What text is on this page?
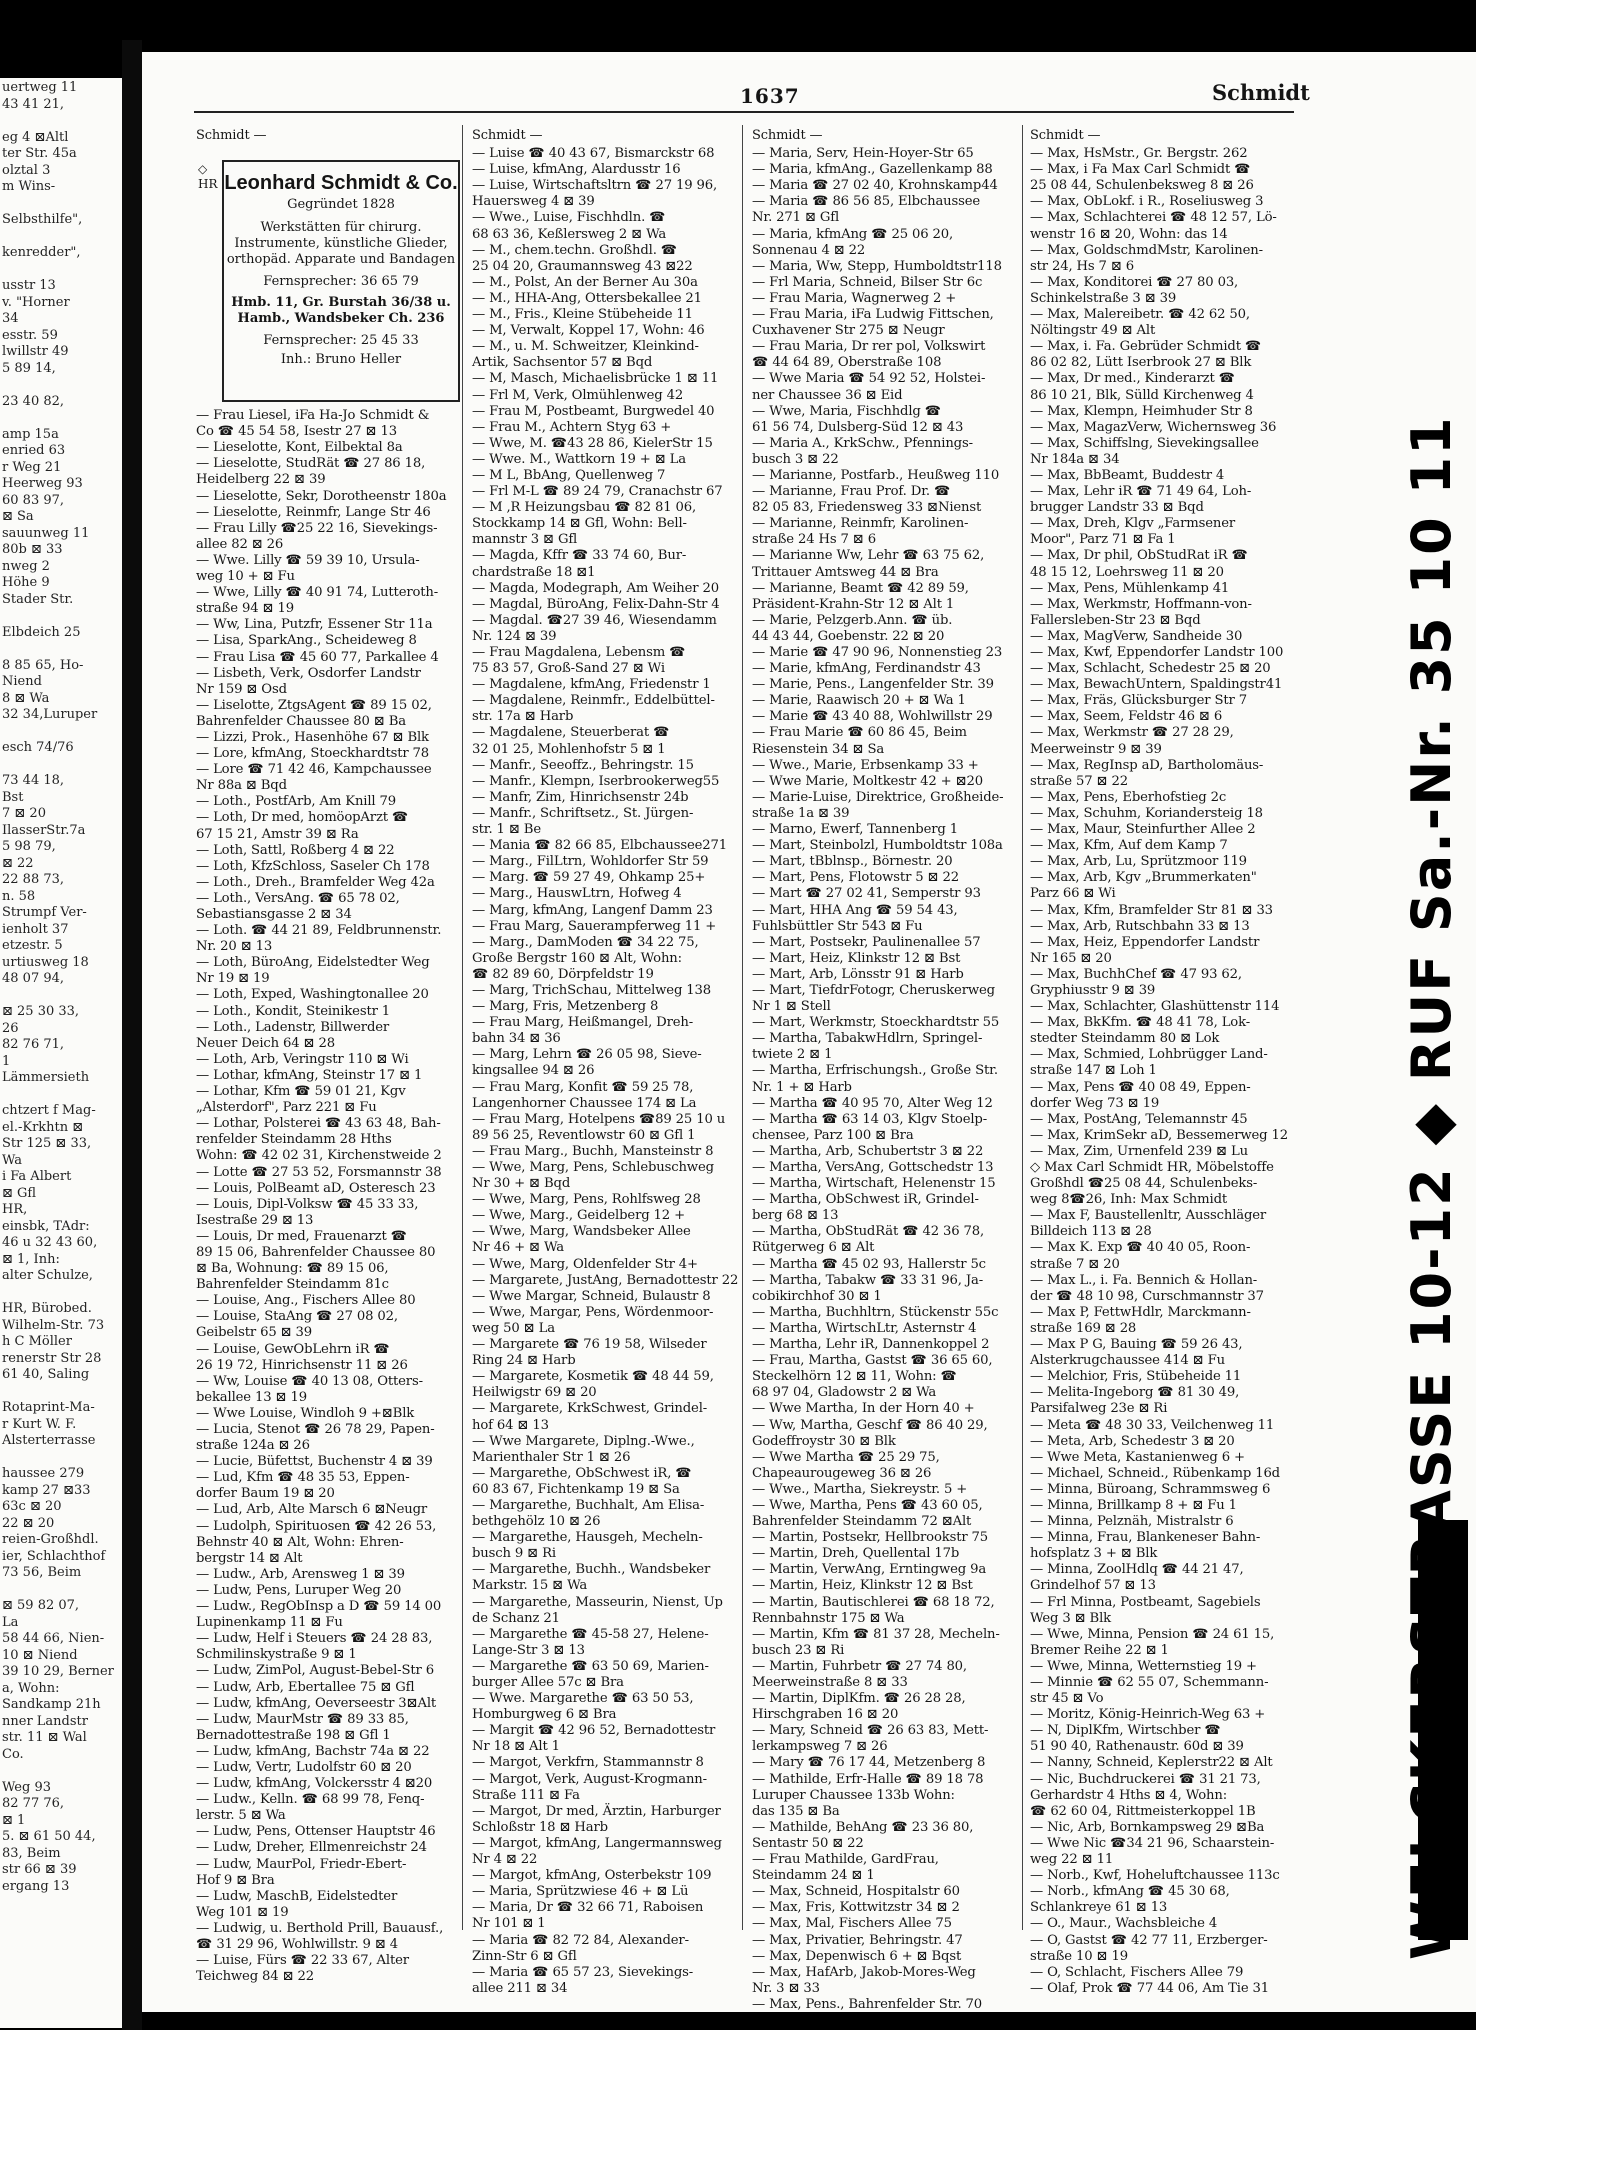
uertweg 11
43 41 21,
eg 4 ⊠Altl
ter Str. 45a
olztal 3
m Wins-
Selbsthilfe",
kenredder",
usstr 13
v. "Horner
34
esstr. 59
lwillstr 49
5 89 14,
23 40 82,
amp 15a
enried 63
r Weg 21
Heerweg 93
60 83 97,
⊠ Sa
sauunweg 11
80b ⊠ 33
nweg 2
Höhe 9
Stader Str.
Elbdeich 25
8 85 65, Ho-
Niend
8 ⊠ Wa
32 34,Luruper
esch 74/76
73 44 18,
Bst
7 ⊠ 20
IlasserStr.7a
5 98 79,
⊠ 22
22 88 73,
n. 58
Strumpf Ver-
ienholt 37
etzestr. 5
urtiusweg 18
48 07 94,
⊠ 25 30 33,
26
82 76 71,
1
Lämmersieth
chtzert f Mag-
el.-Krkhtn ⊠
Str 125 ⊠ 33,
Wa
i Fa Albert
⊠ Gfl
HR,
einsbk, TAdr:
46 u 32 43 60,
⊠ 1, Inh:
alter Schulze,
HR, Bürobed.
Wilhelm-Str. 73
h C Möller
renerstr Str 28
61 40, Saling
Rotaprint-Ma-
r Kurt W. F.
Alsterterrasse
haussee 279
kamp 27 ⊠33
63c ⊠ 20
22 ⊠ 20
reien-Großhdl.
ier, Schlachthof
73 56, Beim
⊠ 59 82 07,
La
58 44 66, Nien-
10 ⊠ Niend
39 10 29, Berner
a, Wohn:
Sandkamp 21h
nner Landstr
str. 11 ⊠ Wal
Co.
Weg 93
82 77 76,
⊠ 1
5. ⊠ 61 50 44,
83, Beim
str 66 ⊠ 39
ergang 13
1637	Schmidt
Schmidt —
— Frau Liesel, iFa Ha-Jo Schmidt &
Co ☎ 45 54 58, Isestr 27 ⊠ 13
— Lieselotte, Kont, Eilbektal 8a
— Lieselotte, StudRät ☎ 27 86 18,
Heidelberg 22 ⊠ 39
— Lieselotte, Sekr, Dorotheenstr 180a
— Lieselotte, Reinmfr, Lange Str 46
— Frau Lilly ☎25 22 16, Sievekings-
allee 82 ⊠ 26
— Wwe. Lilly ☎ 59 39 10, Ursula-
weg 10 + ⊠ Fu
— Wwe, Lilly ☎ 40 91 74, Lutteroth-
straße 94 ⊠ 19
— Ww, Lina, Putzfr, Essener Str 11a
— Lisa, SparkAng., Scheideweg 8
— Frau Lisa ☎ 45 60 77, Parkallee 4
— Lisbeth, Verk, Osdorfer Landstr
Nr 159 ⊠ Osd
— Liselotte, ZtgsAgent ☎ 89 15 02,
Bahrenfelder Chaussee 80 ⊠ Ba
— Lizzi, Prok., Hasenhöhe 67 ⊠ Blk
— Lore, kfmAng, Stoeckhardtstr 78
— Lore ☎ 71 42 46, Kampchaussee
Nr 88a ⊠ Bqd
— Loth., PostfArb, Am Knill 79
— Loth, Dr med, homöopArzt ☎
67 15 21, Amstr 39 ⊠ Ra
— Loth, Sattl, Roßberg 4 ⊠ 22
— Loth, KfzSchloss, Saseler Ch 178
— Loth., Dreh., Bramfelder Weg 42a
— Loth., VersAng. ☎ 65 78 02,
Sebastiansgasse 2 ⊠ 34
— Loth. ☎ 44 21 89, Feldbrunnenstr.
Nr. 20 ⊠ 13
— Loth, BüroAng, Eidelstedter Weg
Nr 19 ⊠ 19
— Loth, Exped, Washingtonallee 20
— Loth., Kondit, Steinikestr 1
— Loth., Ladenstr, Billwerder
Neuer Deich 64 ⊠ 28
— Loth, Arb, Veringstr 110 ⊠ Wi
— Lothar, kfmAng, Steinstr 17 ⊠ 1
— Lothar, Kfm ☎ 59 01 21, Kgv
„Alsterdorf", Parz 221 ⊠ Fu
— Lothar, Polsterei ☎ 43 63 48, Bah-
renfelder Steindamm 28 Hths
Wohn: ☎ 42 02 31, Kirchenstweide 2
— Lotte ☎ 27 53 52, Forsmannstr 38
— Louis, PolBeamt aD, Osteresch 23
— Louis, Dipl-Volksw ☎ 45 33 33,
Isestraße 29 ⊠ 13
— Louis, Dr med, Frauenarzt ☎
89 15 06, Bahrenfelder Chaussee 80
⊠ Ba, Wohnung: ☎ 89 15 06,
Bahrenfelder Steindamm 81c
— Louise, Ang., Fischers Allee 80
— Louise, StaAng ☎ 27 08 02,
Geibelstr 65 ⊠ 39
— Louise, GewObLehrn iR ☎
26 19 72, Hinrichsenstr 11 ⊠ 26
— Ww, Louise ☎ 40 13 08, Otters-
bekallee 13 ⊠ 19
— Wwe Louise, Windloh 9 +⊠Blk
— Lucia, Stenot ☎ 26 78 29, Papen-
straße 124a ⊠ 26
— Lucie, Büfettst, Buchenstr 4 ⊠ 39
— Lud, Kfm ☎ 48 35 53, Eppen-
dorfer Baum 19 ⊠ 20
— Lud, Arb, Alte Marsch 6 ⊠Neugr
— Ludolph, Spirituosen ☎ 42 26 53,
Behnstr 40 ⊠ Alt, Wohn: Ehren-
bergstr 14 ⊠ Alt
— Ludw., Arb, Arensweg 1 ⊠ 39
— Ludw, Pens, Luruper Weg 20
— Ludw., RegObInsp a D ☎ 59 14 00
Lupinenkamp 11 ⊠ Fu
— Ludw, Helf i Steuers ☎ 24 28 83,
Schmilinskystraße 9 ⊠ 1
— Ludw, ZimPol, August-Bebel-Str 6
— Ludw, Arb, Ebertallee 75 ⊠ Gfl
— Ludw, kfmAng, Oeverseestr 3⊠Alt
— Ludw, MaurMstr ☎ 89 33 85,
Bernadottestraße 198 ⊠ Gfl 1
— Ludw, kfmAng, Bachstr 74a ⊠ 22
— Ludw, Vertr, Ludolfstr 60 ⊠ 20
— Ludw, kfmAng, Volckersstr 4 ⊠20
— Ludw., Kelln. ☎ 68 99 78, Fenq-
lerstr. 5 ⊠ Wa
— Ludw, Pens, Ottenser Hauptstr 46
— Ludw, Dreher, Ellmenreichstr 24
— Ludw, MaurPol, Friedr-Ebert-
Hof 9 ⊠ Bra
— Ludw, MaschB, Eidelstedter
Weg 101 ⊠ 19
— Ludwig, u. Berthold Prill, Bauausf.,
☎ 31 29 96, Wohlwillstr. 9 ⊠ 4
— Luise, Fürs ☎ 22 33 67, Alter
Teichweg 84 ⊠ 22
◇
HR Leonhard Schmidt & Co.
Gegründet 1828
Werkstätten für chirurg. Instrumente, künstliche Glieder, orthopäd. Apparate und Bandagen
Fernsprecher: 36 65 79
Hmb. 11, Gr. Burstah 36/38 u. Hamb., Wandsbeker Ch. 236
Fernsprecher: 25 45 33
Inh.: Bruno Heller
Schmidt —
— Luise ☎ 40 43 67, Bismarckstr 68
— Luise, kfmAng, Alardusstr 16
— Luise, Wirtschaftsltrn ☎ 27 19 96,
Hauersweg 4 ⊠ 39
— Wwe., Luise, Fischhdln. ☎
68 63 36, Keßlersweg 2 ⊠ Wa
— M., chem.techn. Großhdl. ☎
25 04 20, Graumannsweg 43 ⊠22
— M., Polst, An der Berner Au 30a
— M., HHA-Ang, Ottersbekallee 21
— M., Fris., Kleine Stübeheide 11
— M, Verwalt, Koppel 17, Wohn: 46
— M., u. M. Schweitzer, Kleinkind-
Artik, Sachsentor 57 ⊠ Bqd
— M, Masch, Michaelisbrücke 1 ⊠ 11
— Frl M, Verk, Olmühlenweg 42
— Frau M, Postbeamt, Burgwedel 40
— Frau M., Achtern Styg 63 +
— Wwe, M. ☎43 28 86, KielerStr 15
— Wwe. M., Wattkorn 19 + ⊠ La
— M L, BbAng, Quellenweg 7
— Frl M-L ☎ 89 24 79, Cranachstr 67
— M ,R Heizungsbau ☎ 82 81 06,
Stockkamp 14 ⊠ Gfl, Wohn: Bell-
mannstr 3 ⊠ Gfl
— Magda, Kffr ☎ 33 74 60, Bur-
chardstraße 18 ⊠1
— Magda, Modegraph, Am Weiher 20
— Magdal, BüroAng, Felix-Dahn-Str 4
— Magdal. ☎27 39 46, Wiesendamm
Nr. 124 ⊠ 39
— Frau Magdalena, Lebensm ☎
75 83 57, Groß-Sand 27 ⊠ Wi
— Magdalene, kfmAng, Friedenstr 1
— Magdalene, Reinmfr., Eddelbüttel-
str. 17a ⊠ Harb
— Magdalene, Steuerberat ☎
32 01 25, Mohlenhofstr 5 ⊠ 1
— Manfr., Seeoffz., Behringstr. 15
— Manfr., Klempn, Iserbrookerweg55
— Manfr, Zim, Hinrichsenstr 24b
— Manfr., Schriftsetz., St. Jürgen-
str. 1 ⊠ Be
— Mania ☎ 82 66 85, Elbchaussee271
— Marg., FilLtrn, Wohldorfer Str 59
— Marg. ☎ 59 27 49, Ohkamp 25+
— Marg., HauswLtrn, Hofweg 4
— Marg, kfmAng, Langenf Damm 23
— Frau Marg, Sauerampferweg 11 +
— Marg., DamModen ☎ 34 22 75,
Große Bergstr 160 ⊠ Alt, Wohn:
☎ 82 89 60, Dörpfeldstr 19
— Marg, TrichSchau, Mittelweg 138
— Marg, Fris, Metzenberg 8
— Frau Marg, Heißmangel, Dreh-
bahn 34 ⊠ 36
— Marg, Lehrn ☎ 26 05 98, Sieve-
kingsallee 94 ⊠ 26
— Frau Marg, Konfit ☎ 59 25 78,
Langenhorner Chaussee 174 ⊠ La
— Frau Marg, Hotelpens ☎89 25 10 u
89 56 25, Reventlowstr 60 ⊠ Gfl 1
— Frau Marg., Buchh, Mansteinstr 8
— Wwe, Marg, Pens, Schlebuschweg
Nr 30 + ⊠ Bqd
— Wwe, Marg, Pens, Rohlfsweg 28
— Wwe, Marg., Geidelberg 12 +
— Wwe, Marg, Wandsbeker Allee
Nr 46 + ⊠ Wa
— Wwe, Marg, Oldenfelder Str 4+
— Margarete, JustAng, Bernadottestr 22
— Wwe Margar, Schneid, Bulaustr 8
— Wwe, Margar, Pens, Wördenmoor-
weg 50 ⊠ La
— Margarete ☎ 76 19 58, Wilseder
Ring 24 ⊠ Harb
— Margarete, Kosmetik ☎ 48 44 59,
Heilwigstr 69 ⊠ 20
— Margarete, KrkSchwest, Grindel-
hof 64 ⊠ 13
— Wwe Margarete, Diplng.-Wwe.,
Marienthaler Str 1 ⊠ 26
— Margarethe, ObSchwest iR, ☎
60 83 67, Fichtenkamp 19 ⊠ Sa
— Margarethe, Buchhalt, Am Elisa-
bethgehölz 10 ⊠ 26
— Margarethe, Hausgeh, Mecheln-
busch 9 ⊠ Ri
— Margarethe, Buchh., Wandsbeker
Markstr. 15 ⊠ Wa
— Margarethe, Masseurin, Nienst, Up
de Schanz 21
— Margarethe ☎ 45-58 27, Helene-
Lange-Str 3 ⊠ 13
— Margarethe ☎ 63 50 69, Marien-
burger Allee 57c ⊠ Bra
— Wwe. Margarethe ☎ 63 50 53,
Homburgweg 6 ⊠ Bra
— Margit ☎ 42 96 52, Bernadottestr
Nr 18 ⊠ Alt 1
— Margot, Verkfrn, Stammannstr 8
— Margot, Verk, August-Krogmann-
Straße 111 ⊠ Fa
— Margot, Dr med, Ärztin, Harburger
Schloßstr 18 ⊠ Harb
— Margot, kfmAng, Langermannsweg
Nr 4 ⊠ 22
— Margot, kfmAng, Osterbekstr 109
— Maria, Sprützwiese 46 + ⊠ Lü
— Maria, Dr ☎ 32 66 71, Raboisen
Nr 101 ⊠ 1
— Maria ☎ 82 72 84, Alexander-
Zinn-Str 6 ⊠ Gfl
— Maria ☎ 65 57 23, Sievekings-
allee 211 ⊠ 34
Schmidt —
— Maria, Serv, Hein-Hoyer-Str 65
— Maria, kfmAng., Gazellenkamp 88
— Maria ☎ 27 02 40, Krohnskamp44
— Maria ☎ 86 56 85, Elbchaussee
Nr. 271 ⊠ Gfl
— Maria, kfmAng ☎ 25 06 20,
Sonnenau 4 ⊠ 22
— Maria, Ww, Stepp, Humboldtstr118
— Frl Maria, Schneid, Bilser Str 6c
— Frau Maria, Wagnerweg 2 +
— Frau Maria, iFa Ludwig Fittschen,
Cuxhavener Str 275 ⊠ Neugr
— Frau Maria, Dr rer pol, Volkswirt
☎ 44 64 89, Oberstraße 108
— Wwe Maria ☎ 54 92 52, Holstei-
ner Chaussee 36 ⊠ Eid
— Wwe, Maria, Fischhdlg ☎
61 56 74, Dulsberg-Süd 12 ⊠ 43
— Maria A., KrkSchw., Pfennings-
busch 3 ⊠ 22
— Marianne, Postfarb., Heußweg 110
— Marianne, Frau Prof. Dr. ☎
82 05 83, Friedensweg 33 ⊠Nienst
— Marianne, Reinmfr, Karolinen-
straße 24 Hs 7 ⊠ 6
— Marianne Ww, Lehr ☎ 63 75 62,
Trittauer Amtsweg 44 ⊠ Bra
— Marianne, Beamt ☎ 42 89 59,
Präsident-Krahn-Str 12 ⊠ Alt 1
— Marie, Pelzgerb.Ann. ☎ üb.
44 43 44, Goebenstr. 22 ⊠ 20
— Marie ☎ 47 90 96, Nonnenstieg 23
— Marie, kfmAng, Ferdinandstr 43
— Marie, Pens., Langenfelder Str. 39
— Marie, Raawisch 20 + ⊠ Wa 1
— Marie ☎ 43 40 88, Wohlwillstr 29
— Frau Marie ☎ 60 86 45, Beim
Riesenstein 34 ⊠ Sa
— Wwe., Marie, Erbsenkamp 33 +
— Wwe Marie, Moltkestr 42 + ⊠20
— Marie-Luise, Direktrice, Großheide-
straße 1a ⊠ 39
— Marno, Ewerf, Tannenberg 1
— Mart, Steinbolzl, Humboldtstr 108a
— Mart, tBblnsp., Börnestr. 20
— Mart, Pens, Flotowstr 5 ⊠ 22
— Mart ☎ 27 02 41, Semperstr 93
— Mart, HHA Ang ☎ 59 54 43,
Fuhlsbüttler Str 543 ⊠ Fu
— Mart, Postsekr, Paulinenallee 57
— Mart, Heiz, Klinkstr 12 ⊠ Bst
— Mart, Arb, Lönsstr 91 ⊠ Harb
— Mart, TiefdrFotogr, Cheruskerweg
Nr 1 ⊠ Stell
— Mart, Werkmstr, Stoeckhardtstr 55
— Martha, TabakwHdlrn, Springel-
twiete 2 ⊠ 1
— Martha, Erfrischungsh., Große Str.
Nr. 1 + ⊠ Harb
— Martha ☎ 40 95 70, Alter Weg 12
— Martha ☎ 63 14 03, Klgv Stoelp-
chensee, Parz 100 ⊠ Bra
— Martha, Arb, Schubertstr 3 ⊠ 22
— Martha, VersAng, Gottschedstr 13
— Martha, Wirtschaft, Helenenstr 15
— Martha, ObSchwest iR, Grindel-
berg 68 ⊠ 13
— Martha, ObStudRät ☎ 42 36 78,
Rütgerweg 6 ⊠ Alt
— Martha ☎ 45 02 93, Hallerstr 5c
— Martha, Tabakw ☎ 33 31 96, Ja-
cobikirchhof 30 ⊠ 1
— Martha, Buchhltrn, Stückenstr 55c
— Martha, WirtschLtr, Asternstr 4
— Martha, Lehr iR, Dannenkoppel 2
— Frau, Martha, Gastst ☎ 36 65 60,
Steckelhörn 12 ⊠ 11, Wohn: ☎
68 97 04, Gladowstr 2 ⊠ Wa
— Wwe Martha, In der Horn 40 +
— Ww, Martha, Geschf ☎ 86 40 29,
Godeffroystr 30 ⊠ Blk
— Wwe Martha ☎ 25 29 75,
Chapeaurougeweg 36 ⊠ 26
— Wwe., Martha, Siekreystr. 5 +
— Wwe, Martha, Pens ☎ 43 60 05,
Bahrenfelder Steindamm 72 ⊠Alt
— Martin, Postsekr, Hellbrookstr 75
— Martin, Dreh, Quellental 17b
— Martin, VerwAng, Erntingweg 9a
— Martin, Heiz, Klinkstr 12 ⊠ Bst
— Martin, Bautischlerei ☎ 68 18 72,
Rennbahnstr 175 ⊠ Wa
— Martin, Kfm ☎ 81 37 28, Mecheln-
busch 23 ⊠ Ri
— Martin, Fuhrbetr ☎ 27 74 80,
Meerweinstraße 8 ⊠ 33
— Martin, DiplKfm. ☎ 26 28 28,
Hirschgraben 16 ⊠ 20
— Mary, Schneid ☎ 26 63 83, Mett-
lerkampsweg 7 ⊠ 26
— Mary ☎ 76 17 44, Metzenberg 8
— Mathilde, Erfr-Halle ☎ 89 18 78
Luruper Chaussee 133b Wohn:
das 135 ⊠ Ba
— Mathilde, BehAng ☎ 23 36 80,
Sentastr 50 ⊠ 22
— Frau Mathilde, GardFrau,
Steindamm 24 ⊠ 1
— Max, Schneid, Hospitalstr 60
— Max, Fris, Kottwitzstr 34 ⊠ 2
— Max, Mal, Fischers Allee 75
— Max, Privatier, Behringstr. 47
— Max, Depenwisch 6 + ⊠ Bqst
— Max, HafArb, Jakob-Mores-Weg
Nr. 3 ⊠ 33
— Max, Pens., Bahrenfelder Str. 70
Schmidt —
— Max, HsMstr., Gr. Bergstr. 262
— Max, i Fa Max Carl Schmidt ☎
25 08 44, Schulenbeksweg 8 ⊠ 26
— Max, ObLokf. i R., Roseliusweg 3
— Max, Schlachterei ☎ 48 12 57, Lö-
wenstr 16 ⊠ 20, Wohn: das 14
— Max, GoldschmdMstr, Karolinen-
str 24, Hs 7 ⊠ 6
— Max, Konditorei ☎ 27 80 03,
Schinkelstraße 3 ⊠ 39
— Max, Malereibetr. ☎ 42 62 50,
Nöltingstr 49 ⊠ Alt
— Max, i. Fa. Gebrüder Schmidt ☎
86 02 82, Lütt Iserbrook 27 ⊠ Blk
— Max, Dr med., Kinderarzt ☎
86 10 21, Blk, Sülld Kirchenweg 4
— Max, Klempn, Heimhuder Str 8
— Max, MagazVerw, Wichernsweg 36
— Max, Schiffslng, Sievekingsallee
Nr 184a ⊠ 34
— Max, BbBeamt, Buddestr 4
— Max, Lehr iR ☎ 71 49 64, Loh-
brugger Landstr 33 ⊠ Bqd
— Max, Dreh, Klgv „Farmsener
Moor", Parz 71 ⊠ Fa 1
— Max, Dr phil, ObStudRat iR ☎
48 15 12, Loehrsweg 11 ⊠ 20
— Max, Pens, Mühlenkamp 41
— Max, Werkmstr, Hoffmann-von-
Fallersleben-Str 23 ⊠ Bqd
— Max, MagVerw, Sandheide 30
— Max, Kwf, Eppendorfer Landstr 100
— Max, Schlacht, Schedestr 25 ⊠ 20
— Max, BewachUntern, Spaldingstr41
— Max, Fräs, Glücksburger Str 7
— Max, Seem, Feldstr 46 ⊠ 6
— Max, Werkmstr ☎ 27 28 29,
Meerweinstr 9 ⊠ 39
— Max, RegInsp aD, Bartholomäus-
straße 57 ⊠ 22
— Max, Pens, Eberhofstieg 2c
— Max, Schuhm, Koriandersteig 18
— Max, Maur, Steinfurther Allee 2
— Max, Kfm, Auf dem Kamp 7
— Max, Arb, Lu, Sprützmoor 119
— Max, Arb, Kgv „Brummerkaten"
Parz 66 ⊠ Wi
— Max, Kfm, Bramfelder Str 81 ⊠ 33
— Max, Arb, Rutschbahn 33 ⊠ 13
— Max, Heiz, Eppendorfer Landstr
Nr 165 ⊠ 20
— Max, BuchhChef ☎ 47 93 62,
Gryphiusstr 9 ⊠ 39
— Max, Schlachter, Glashüttenstr 114
— Max, BkKfm. ☎ 48 41 78, Lok-
stedter Steindamm 80 ⊠ Lok
— Max, Schmied, Lohbrügger Land-
straße 147 ⊠ Loh 1
— Max, Pens ☎ 40 08 49, Eppen-
dorfer Weg 73 ⊠ 19
— Max, PostAng, Telemannstr 45
— Max, KrimSekr aD, Bessemerweg 12
— Max, Zim, Urnenfeld 239 ⊠ Lu
◇ Max Carl Schmidt HR, Möbelstoffe
Großhdl ☎25 08 44, Schulenbeks-
weg 8☎26, Inh: Max Schmidt
— Max F, Baustellenltr, Ausschläger
Billdeich 113 ⊠ 28
— Max K. Exp ☎ 40 40 05, Roon-
straße 7 ⊠ 20
— Max L., i. Fa. Bennich & Hollan-
der ☎ 48 10 98, Curschmannstr 37
— Max P, FettwHdlr, Marckmann-
straße 169 ⊠ 28
— Max P G, Bauing ☎ 59 26 43,
Alsterkrugchaussee 414 ⊠ Fu
— Melchior, Fris, Stübeheide 11
— Melita-Ingeborg ☎ 81 30 49,
Parsifalweg 23e ⊠ Ri
— Meta ☎ 48 30 33, Veilchenweg 11
— Meta, Arb, Schedestr 3 ⊠ 20
— Wwe Meta, Kastanienweg 6 +
— Michael, Schneid., Rübenkamp 16d
— Minna, Büroang, Schrammsweg 6
— Minna, Brillkamp 8 + ⊠ Fu 1
— Minna, Pelznäh, Mistralstr 6
— Minna, Frau, Blankeneser Bahn-
hofsplatz 3 + ⊠ Blk
— Minna, ZoolHdlq ☎ 44 21 47,
Grindelhof 57 ⊠ 13
— Frl Minna, Postbeamt, Sagebiels
Weg 3 ⊠ Blk
— Wwe, Minna, Pension ☎ 24 61 15,
Bremer Reihe 22 ⊠ 1
— Wwe, Minna, Wetternstieg 19 +
— Minnie ☎ 62 55 07, Schemmann-
str 45 ⊠ Vo
— Moritz, König-Heinrich-Weg 63 +
— N, DiplKfm, Wirtschber ☎
51 90 40, Rathenaustr. 60d ⊠ 39
— Nanny, Schneid, Keplerstr22 ⊠ Alt
— Nic, Buchdruckerei ☎ 31 21 73,
Gerhardstr 4 Hths ⊠ 4, Wohn:
☎ 62 60 04, Rittmeisterkoppel 1B
— Nic, Arb, Bornkampsweg 29 ⊠Ba
— Wwe Nic ☎34 21 96, Schaarstein-
weg 22 ⊠ 11
— Norb., Kwf, Hoheluftchaussee 113c
— Norb., kfmAng ☎ 45 30 68,
Schlankreye 61 ⊠ 13
— O., Maur., Wachsbleiche 4
— O, Gastst ☎ 42 77 11, Erzberger-
straße 10 ⊠ 19
— O, Schlacht, Fischers Allee 79
— Olaf, Prok ☎ 77 44 06, Am Tie 31
WELCKERSTRASSE 10-12 ◆ RUF Sa.-Nr. 35 10 11
